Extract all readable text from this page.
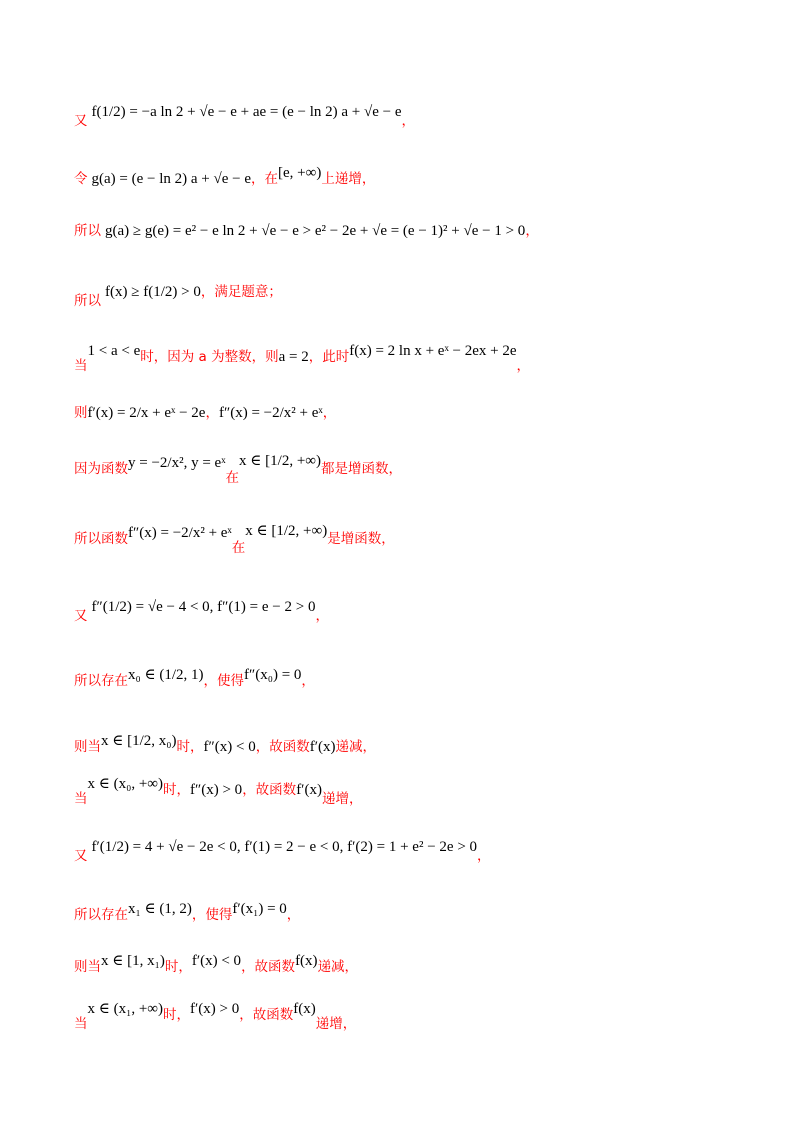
又
f(1/2) = −a ln 2 + √e − e + ae = (e − ln 2) a + √e − e
，
令 g(a) = (e − ln 2) a + √e − e ，在 [e, +∞) 上递增，
所以 g(a) ≥ g(e) = e² − e ln 2 + √e − e > e² − 2e + √e = (e − 1)² + √e − 1 > 0 ，
所以
f(x) ≥ f(1/2) > 0 ，满足题意；
当
1 < a < e 时，因为 a 为整数，则 a = 2 ，此时 f(x) = 2 ln x + eˣ − 2ex + 2e
，
则 f′(x) = 2/x + eˣ − 2e ， f″(x) = −2/x² + eˣ ，
因为函数 y = −2/x², y = eˣ
在
x ∈ [1/2, +∞) 都是增函数，
所以函数 f″(x) = −2/x² + eˣ
在
x ∈ [1/2, +∞) 是增函数，
又
f″(1/2) = √e − 4 < 0, f″(1) = e − 2 > 0
，
所以存在 x₀ ∈ (1/2, 1) ，使得 f″(x₀) = 0 ，
则当 x ∈ [1/2, x₀) 时， f″(x) < 0 ，故函数 f′(x) 递减，
当
x ∈ (x₀, +∞) 时， f″(x) > 0 ，故函数 f′(x)
递增，
又
f′(1/2) = 4 + √e − 2e < 0, f′(1) = 2 − e < 0, f′(2) = 1 + e² − 2e > 0
，
所以存在 x₁ ∈ (1, 2) ，使得 f′(x₁) = 0 ，
则当 x ∈ [1, x₁) 时， f′(x) < 0 ，故函数 f(x) 递减，
当
x ∈ (x₁, +∞) 时， f′(x) > 0 ，故函数 f(x)
递增，
